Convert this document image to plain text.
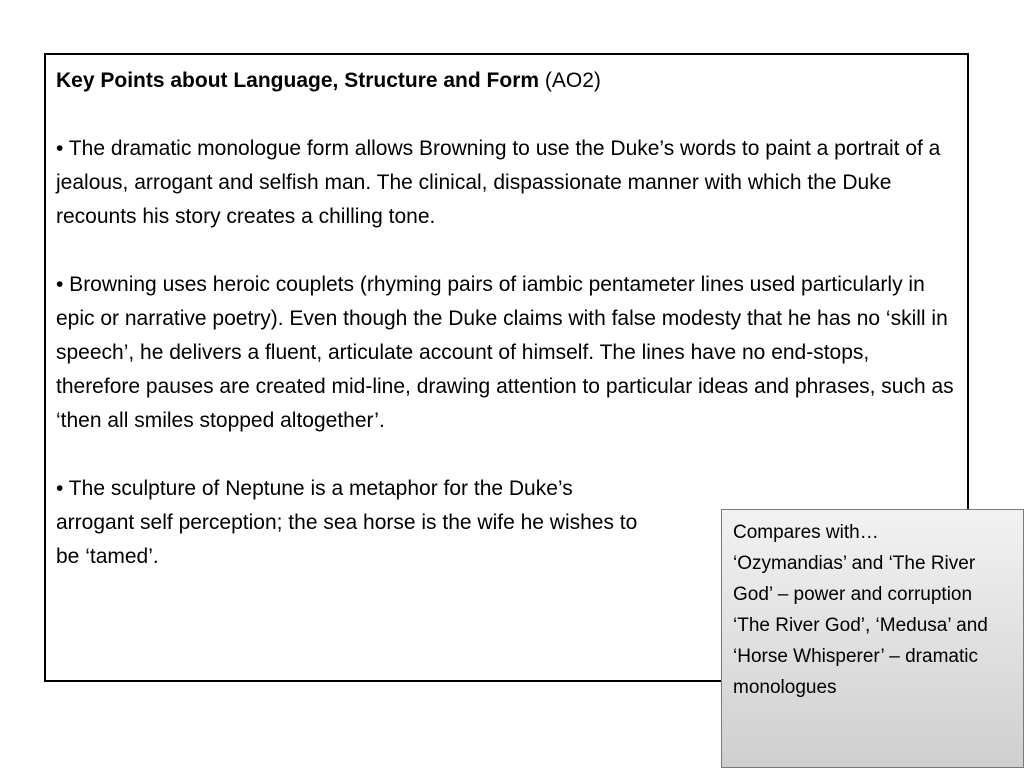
Key Points about Language, Structure and Form (AO2)

• The dramatic monologue form allows Browning to use the Duke’s words to paint a portrait of a jealous, arrogant and selfish man. The clinical, dispassionate manner with which the Duke recounts his story creates a chilling tone.

• Browning uses heroic couplets (rhyming pairs of iambic pentameter lines used particularly in epic or narrative poetry). Even though the Duke claims with false modesty that he has no ‘skill in speech’, he delivers a fluent, articulate account of himself. The lines have no end-stops, therefore pauses are created mid-line, drawing attention to particular ideas and phrases, such as ‘then all smiles stopped altogether’.

• The sculpture of Neptune is a metaphor for the Duke’s arrogant self perception; the sea horse is the wife he wishes to be ‘tamed’.

Compares with…
‘Ozymandias’ and ‘The River God’ – power and corruption
‘The River God’, ‘Medusa’ and ‘Horse Whisperer’ – dramatic monologues
